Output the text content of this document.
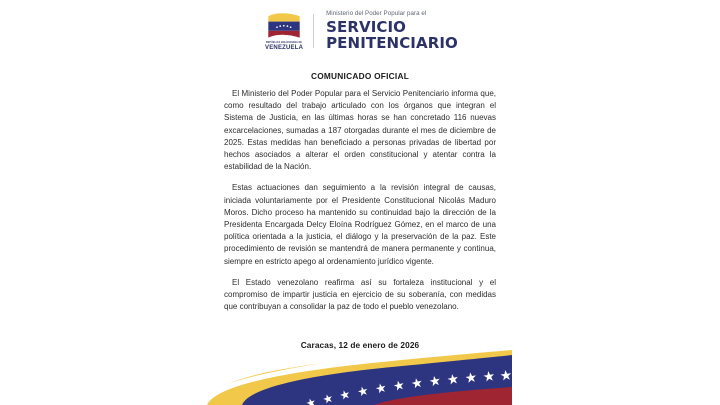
REPÚBLICA BOLIVARIANA DE
VENEZUELA
Ministerio del Poder Popular para el
SERVICIO
PENITENCIARIO
COMUNICADO OFICIAL

El Ministerio del Poder Popular para el Servicio Penitenciario informa que, como resultado del trabajo articulado con los órganos que integran el Sistema de Justicia, en las últimas horas se han concretado 116 nuevas excarcelaciones, sumadas a 187 otorgadas durante el mes de diciembre de 2025. Estas medidas han beneficiado a personas privadas de libertad por hechos asociados a alterar el orden constitucional y atentar contra la estabilidad de la Nación.

Estas actuaciones dan seguimiento a la revisión integral de causas, iniciada voluntariamente por el Presidente Constitucional Nicolás Maduro Moros. Dicho proceso ha mantenido su continuidad bajo la dirección de la Presidenta Encargada Delcy Eloína Rodríguez Gómez, en el marco de una política orientada a la justicia, el diálogo y la preservación de la paz. Este procedimiento de revisión se mantendrá de manera permanente y continua, siempre en estricto apego al ordenamiento jurídico vigente.

El Estado venezolano reafirma así su fortaleza institucional y el compromiso de impartir justicia en ejercicio de su soberanía, con medidas que contribuyan a consolidar la paz de todo el pueblo venezolano.

Caracas, 12 de enero de 2026
